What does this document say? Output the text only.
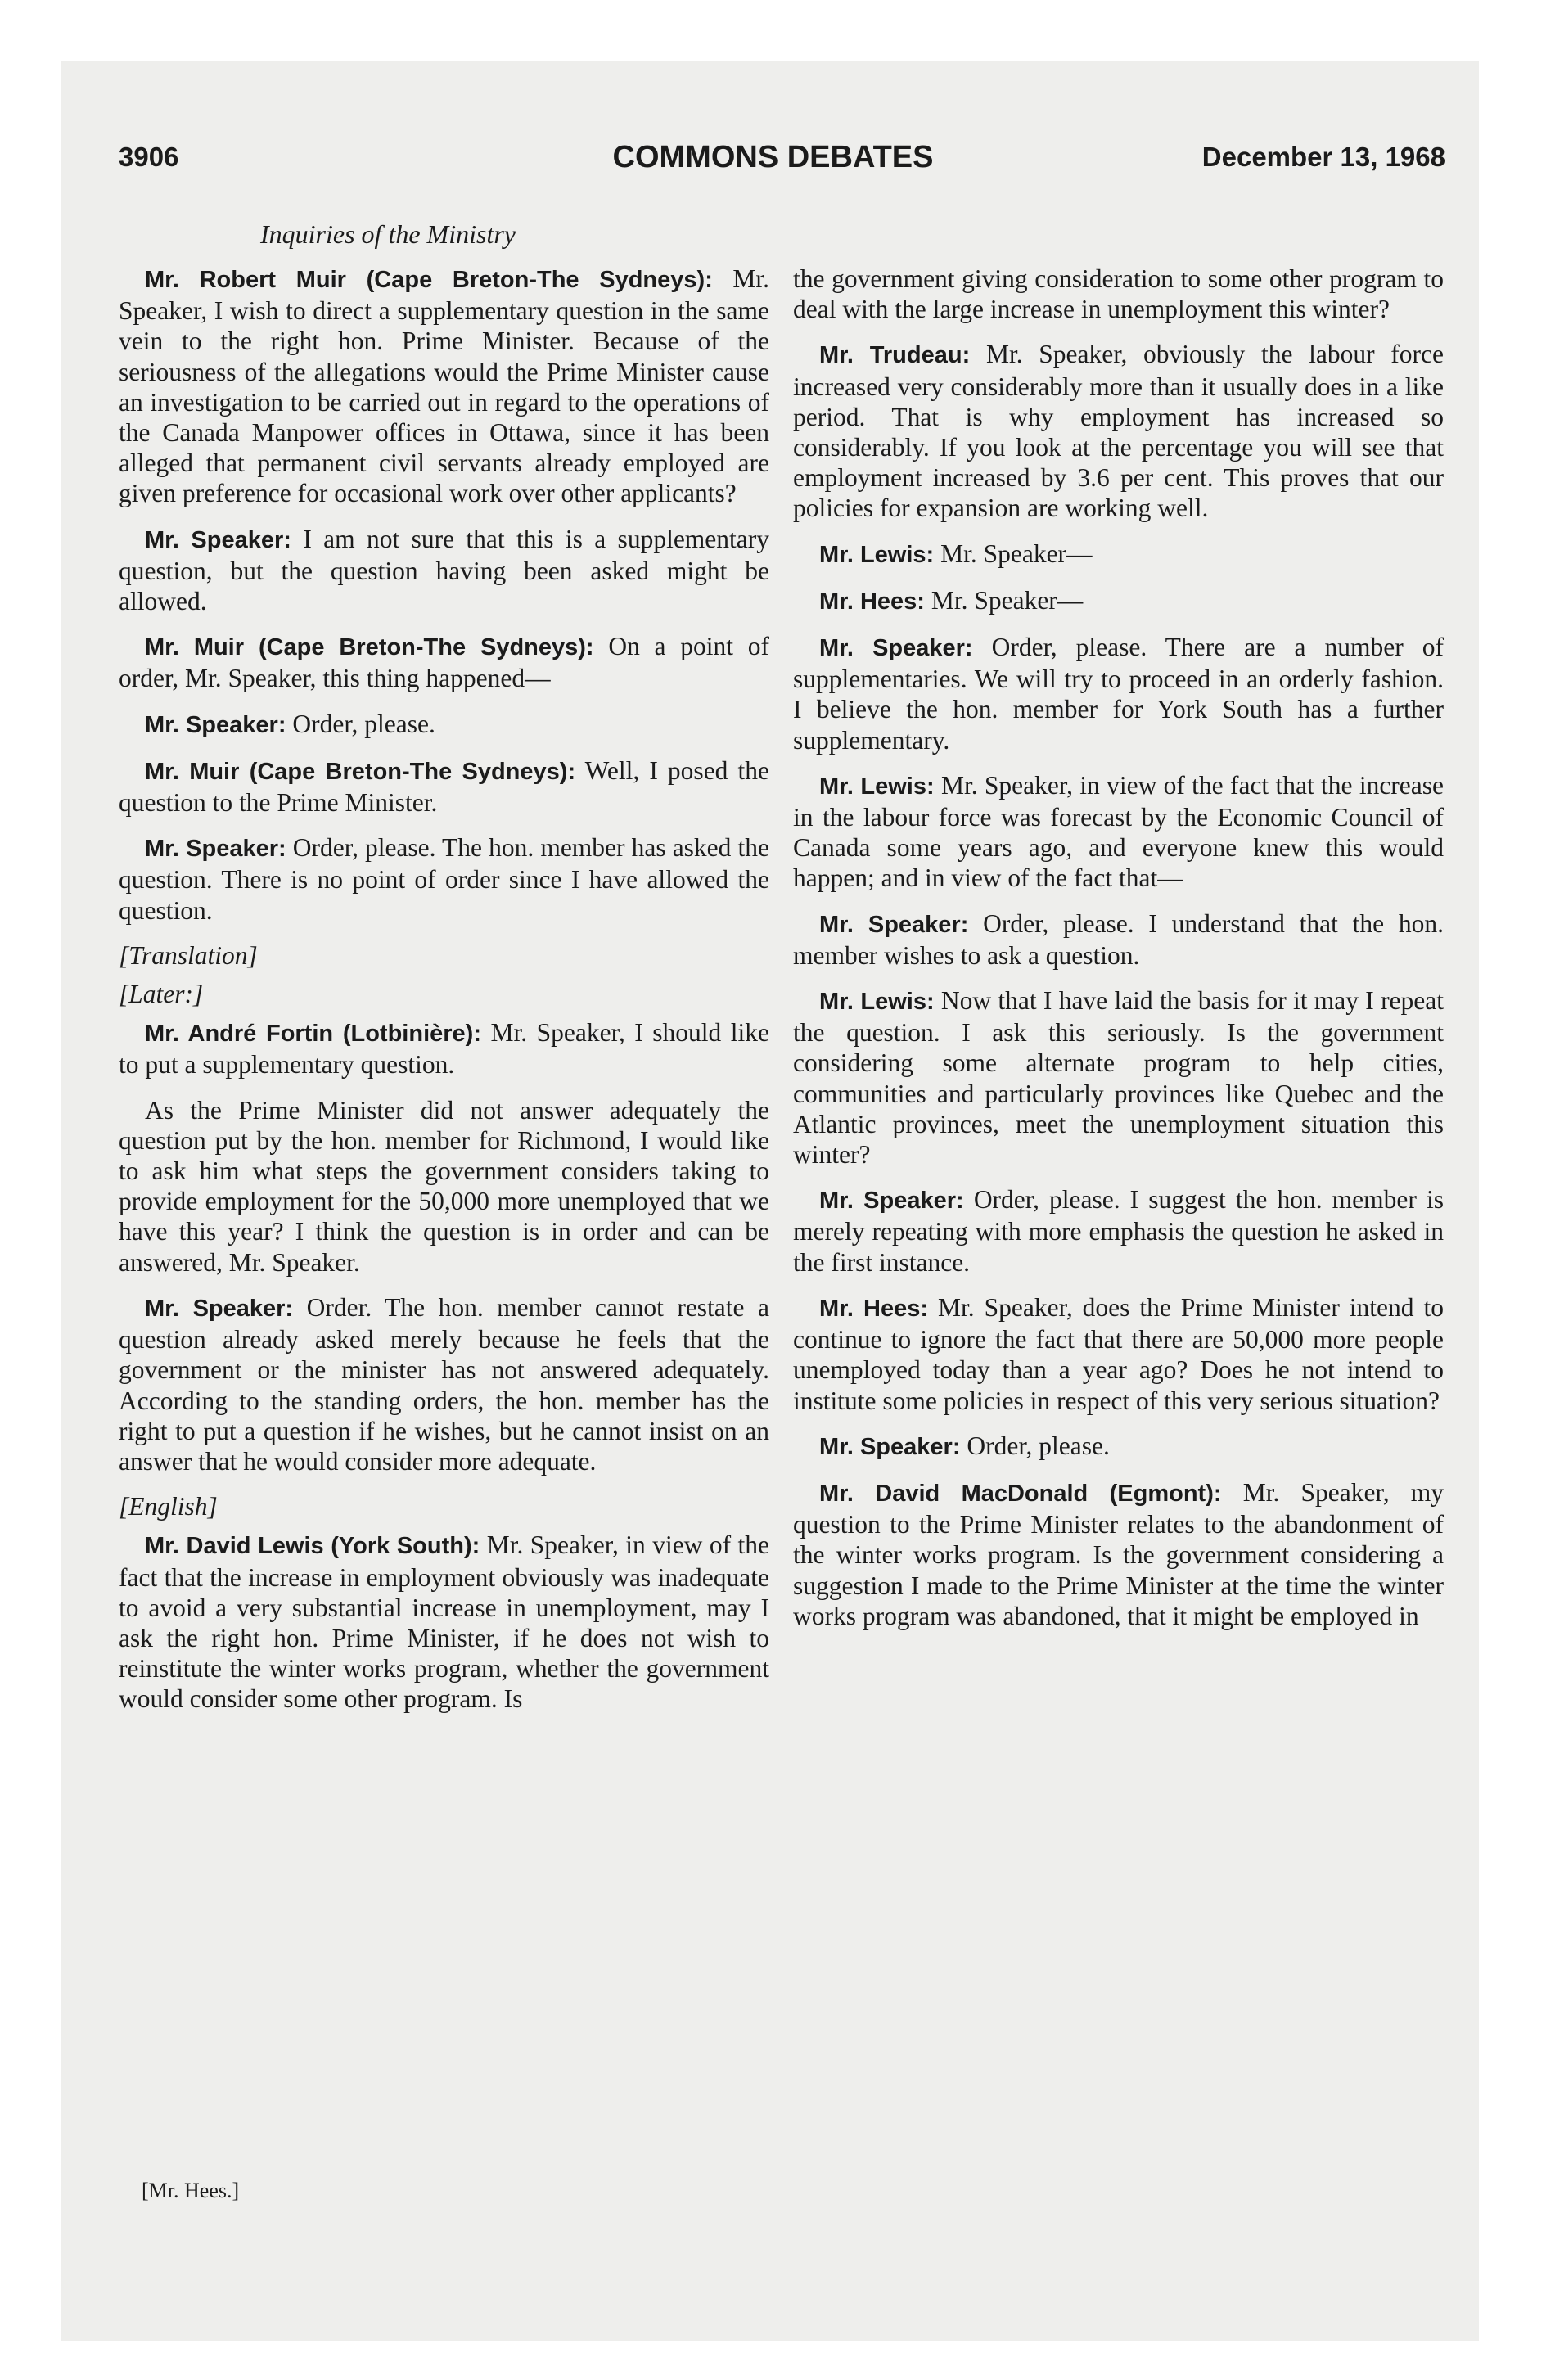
COMMONS DEBATES
3906	December 13, 1968
Inquiries of the Ministry

Mr. Robert Muir (Cape Breton-The Sydneys): Mr. Speaker, I wish to direct a supplementary question in the same vein to the right hon. Prime Minister. Because of the seriousness of the allegations would the Prime Minister cause an investigation to be carried out in regard to the operations of the Canada Manpower offices in Ottawa, since it has been alleged that permanent civil servants already employed are given preference for occasional work over other applicants?

Mr. Speaker: I am not sure that this is a supplementary question, but the question having been asked might be allowed.

Mr. Muir (Cape Breton-The Sydneys): On a point of order, Mr. Speaker, this thing happened—

Mr. Speaker: Order, please.

Mr. Muir (Cape Breton-The Sydneys): Well, I posed the question to the Prime Minister.

Mr. Speaker: Order, please. The hon. member has asked the question. There is no point of order since I have allowed the question.

[Translation]

[Later:]

Mr. André Fortin (Lotbinière): Mr. Speaker, I should like to put a supplementary question.

As the Prime Minister did not answer adequately the question put by the hon. member for Richmond, I would like to ask him what steps the government considers taking to provide employment for the 50,000 more unemployed that we have this year? I think the question is in order and can be answered, Mr. Speaker.

Mr. Speaker: Order. The hon. member cannot restate a question already asked merely because he feels that the government or the minister has not answered adequately. According to the standing orders, the hon. member has the right to put a question if he wishes, but he cannot insist on an answer that he would consider more adequate.

[English]

Mr. David Lewis (York South): Mr. Speaker, in view of the fact that the increase in employment obviously was inadequate to avoid a very substantial increase in unemployment, may I ask the right hon. Prime Minister, if he does not wish to reinstitute the winter works program, whether the government would consider some other program. Is

the government giving consideration to some other program to deal with the large increase in unemployment this winter?

Mr. Trudeau: Mr. Speaker, obviously the labour force increased very considerably more than it usually does in a like period. That is why employment has increased so considerably. If you look at the percentage you will see that employment increased by 3.6 per cent. This proves that our policies for expansion are working well.

Mr. Lewis: Mr. Speaker—

Mr. Hees: Mr. Speaker—

Mr. Speaker: Order, please. There are a number of supplementaries. We will try to proceed in an orderly fashion. I believe the hon. member for York South has a further supplementary.

Mr. Lewis: Mr. Speaker, in view of the fact that the increase in the labour force was forecast by the Economic Council of Canada some years ago, and everyone knew this would happen; and in view of the fact that—

Mr. Speaker: Order, please. I understand that the hon. member wishes to ask a question.

Mr. Lewis: Now that I have laid the basis for it may I repeat the question. I ask this seriously. Is the government considering some alternate program to help cities, communities and particularly provinces like Quebec and the Atlantic provinces, meet the unemployment situation this winter?

Mr. Speaker: Order, please. I suggest the hon. member is merely repeating with more emphasis the question he asked in the first instance.

Mr. Hees: Mr. Speaker, does the Prime Minister intend to continue to ignore the fact that there are 50,000 more people unemployed today than a year ago? Does he not intend to institute some policies in respect of this very serious situation?

Mr. Speaker: Order, please.

Mr. David MacDonald (Egmont): Mr. Speaker, my question to the Prime Minister relates to the abandonment of the winter works program. Is the government considering a suggestion I made to the Prime Minister at the time the winter works program was abandoned, that it might be employed in

[Mr. Hees.]
